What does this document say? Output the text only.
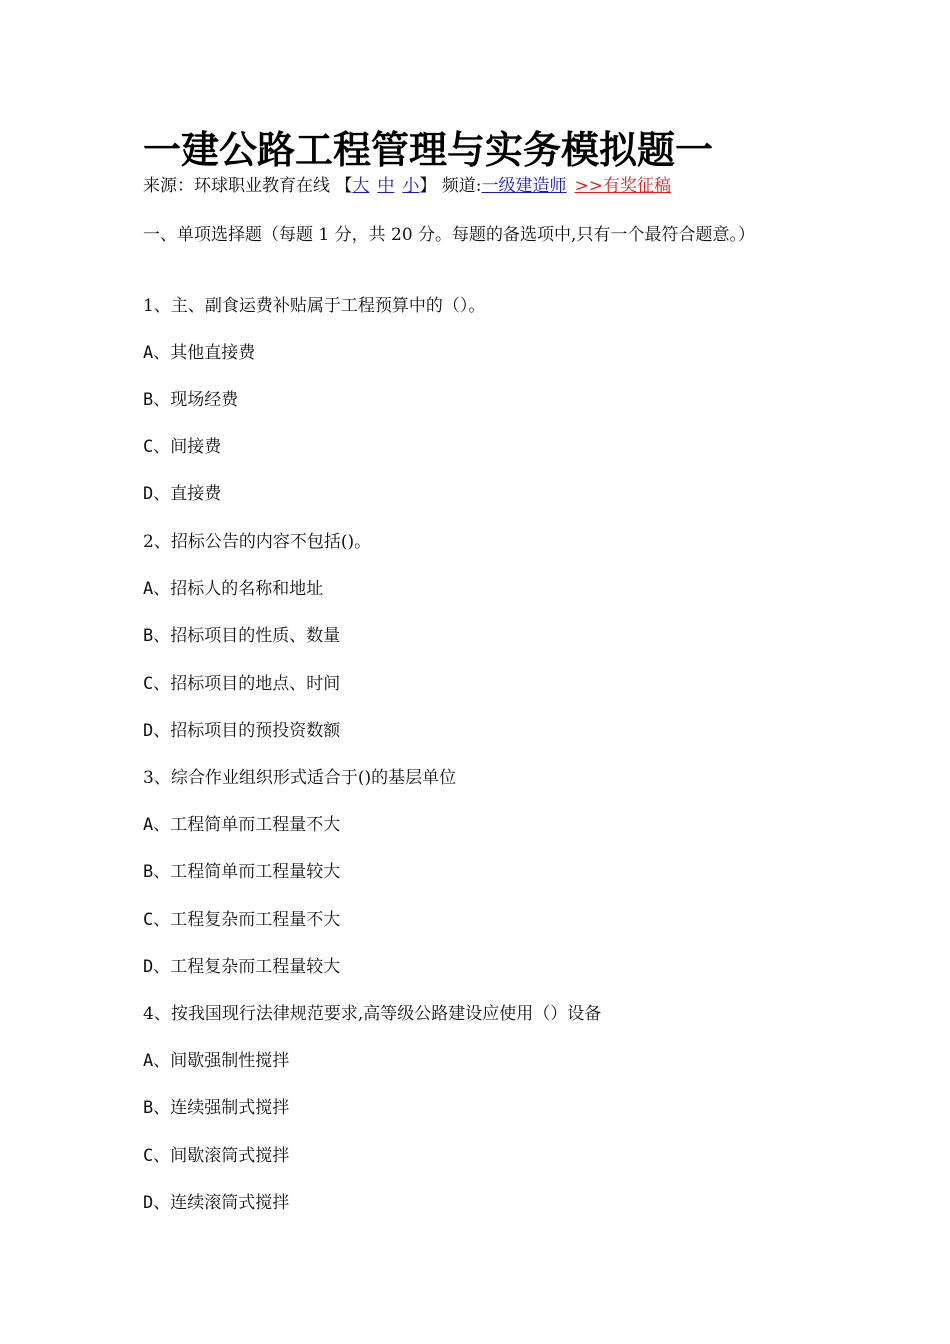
一建公路工程管理与实务模拟题一
来源：环球职业教育在线 【大 中 小】 频道:一级建造师 >>有奖征稿
一、单项选择题（每题 1 分，共 20 分。每题的备选项中,只有一个最符合题意。）
1、主、副食运费补贴属于工程预算中的（）。
A、其他直接费
B、现场经费
C、间接费
D、直接费
2、招标公告的内容不包括()。
A、招标人的名称和地址
B、招标项目的性质、数量
C、招标项目的地点、时间
D、招标项目的预投资数额
3、综合作业组织形式适合于()的基层单位
A、工程简单而工程量不大
B、工程简单而工程量较大
C、工程复杂而工程量不大
D、工程复杂而工程量较大
4、按我国现行法律规范要求,高等级公路建设应使用（）设备
A、间歇强制性搅拌
B、连续强制式搅拌
C、间歇滚筒式搅拌
D、连续滚筒式搅拌
